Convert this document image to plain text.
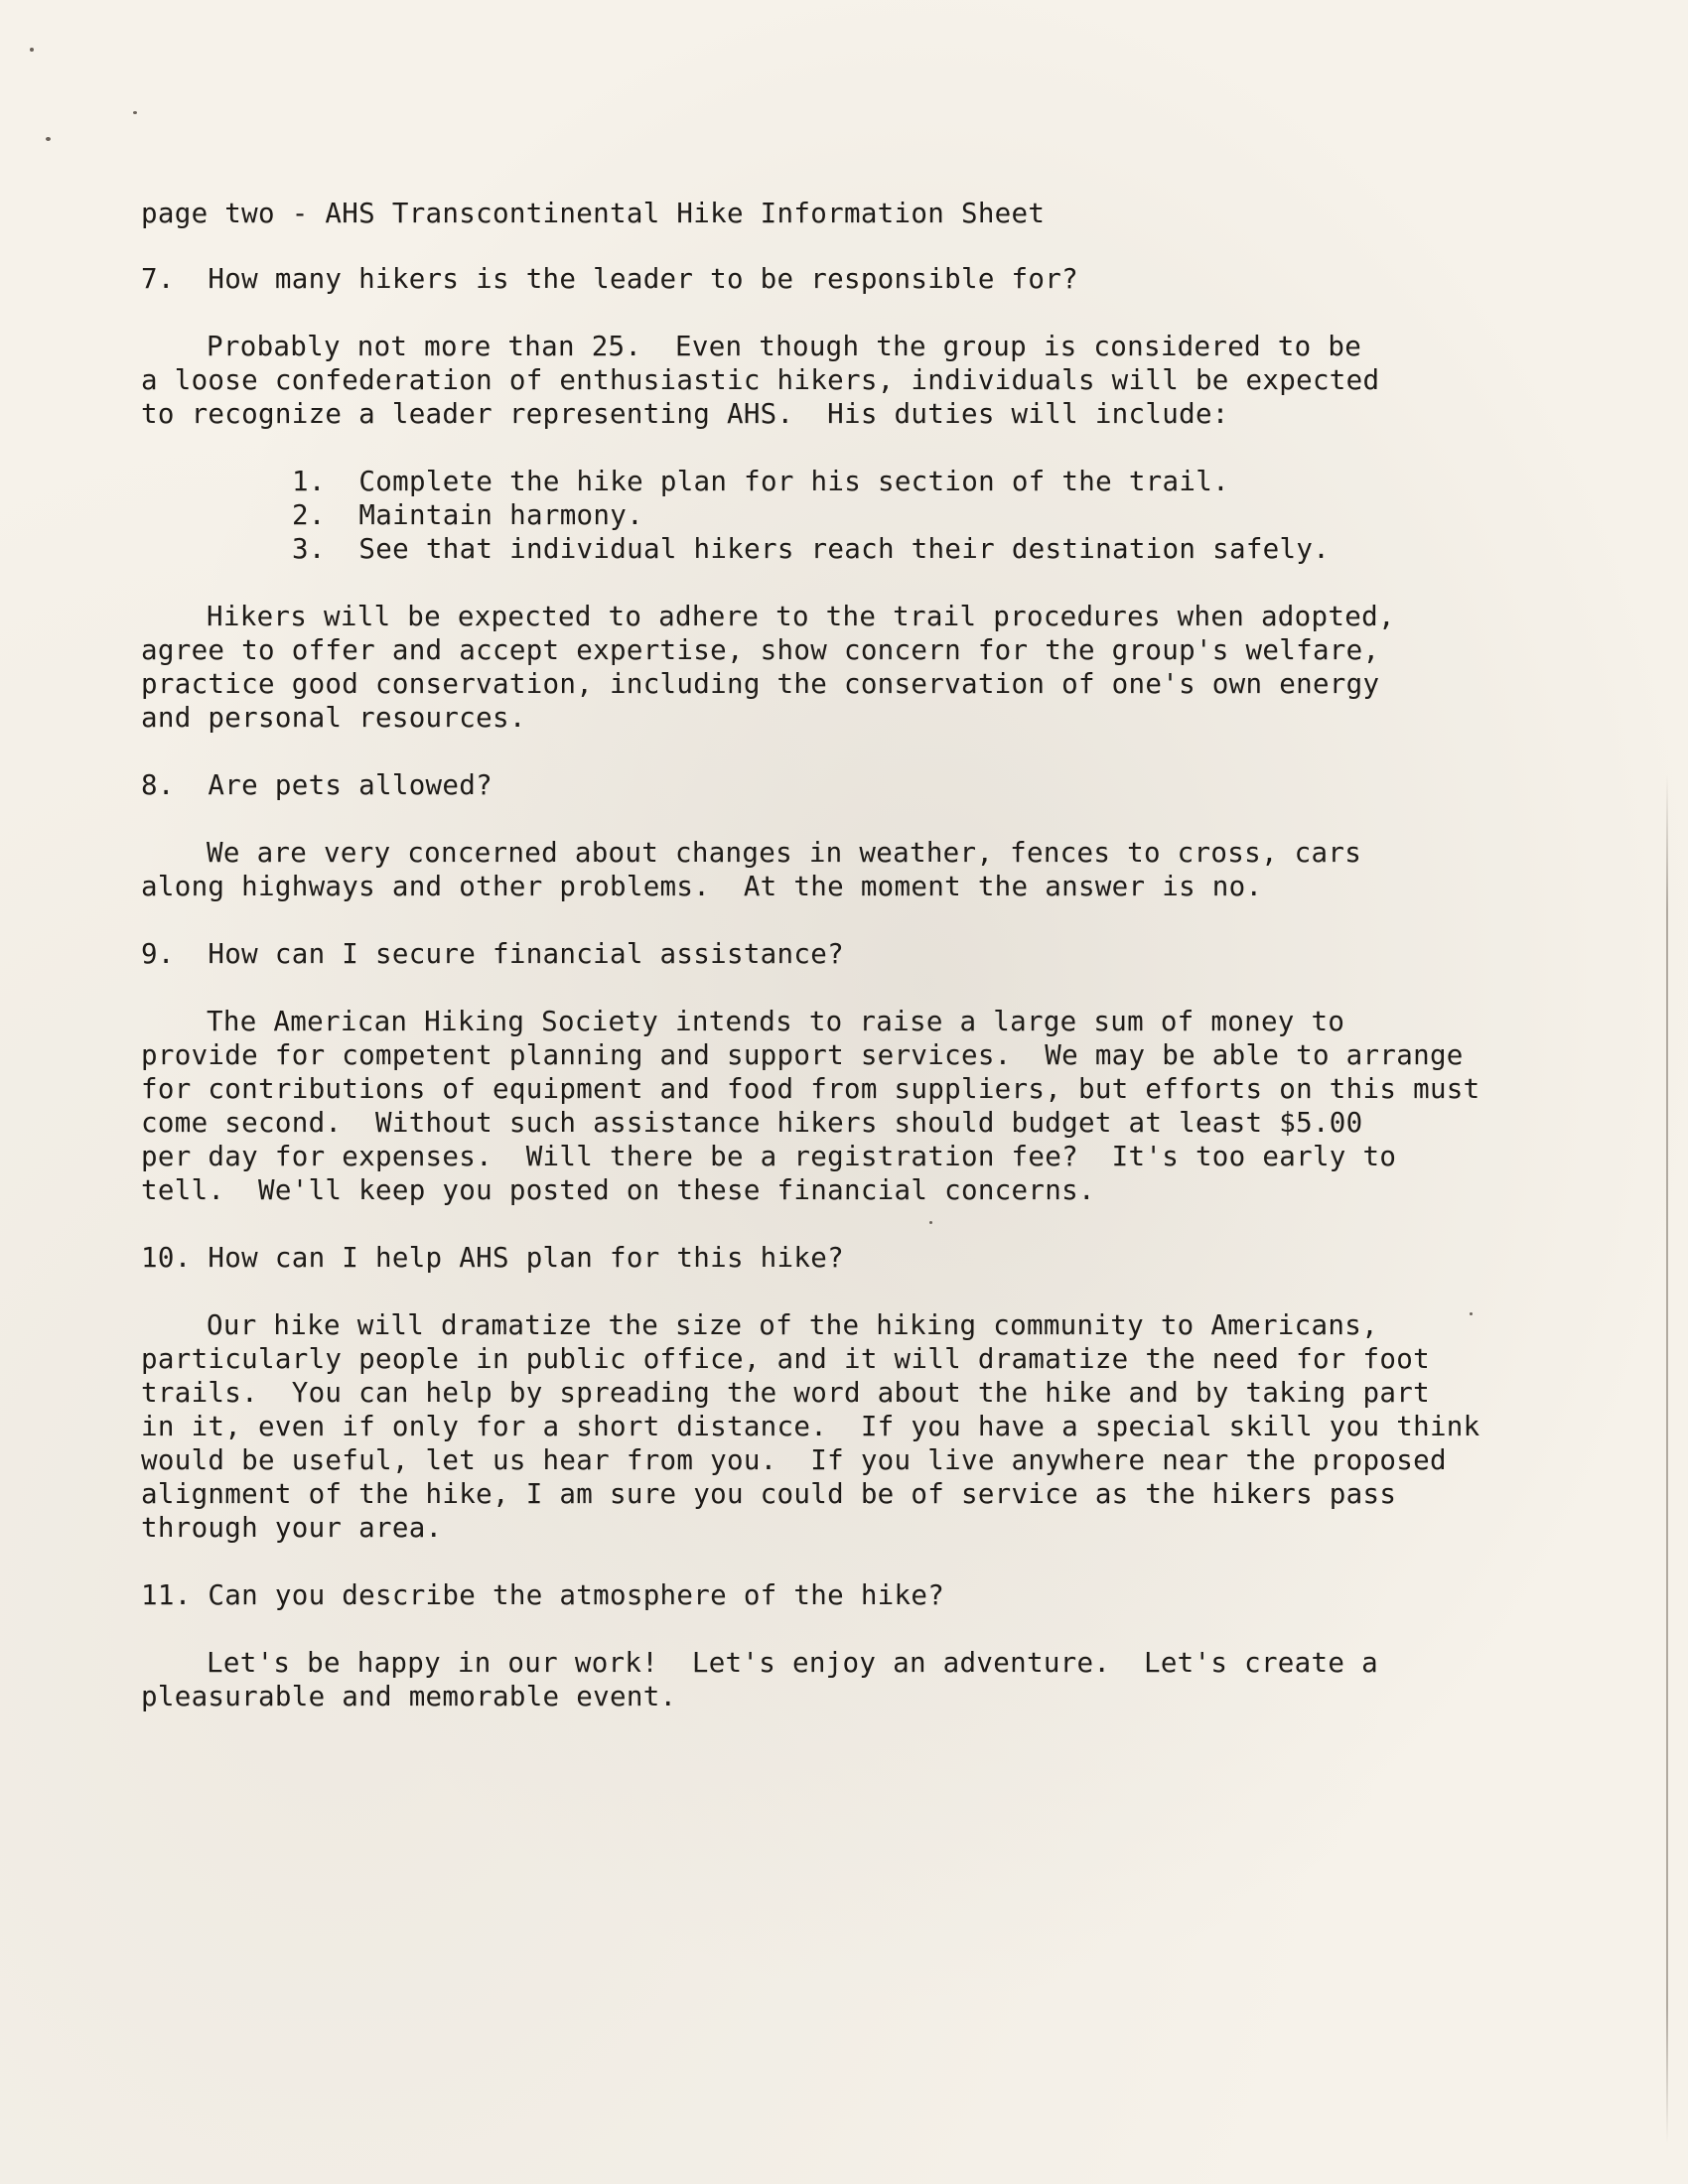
page two - AHS Transcontinental Hike Information Sheet
7.  How many hikers is the leader to be responsible for?
Probably not more than 25.  Even though the group is considered to be
a loose confederation of enthusiastic hikers, individuals will be expected
to recognize a leader representing AHS.  His duties will include:
1.  Complete the hike plan for his section of the trail.
2.  Maintain harmony.
3.  See that individual hikers reach their destination safely.
Hikers will be expected to adhere to the trail procedures when adopted,
agree to offer and accept expertise, show concern for the group's welfare,
practice good conservation, including the conservation of one's own energy
and personal resources.
8.  Are pets allowed?
We are very concerned about changes in weather, fences to cross, cars
along highways and other problems.  At the moment the answer is no.
9.  How can I secure financial assistance?
The American Hiking Society intends to raise a large sum of money to
provide for competent planning and support services.  We may be able to arrange
for contributions of equipment and food from suppliers, but efforts on this must
come second.  Without such assistance hikers should budget at least $5.00
per day for expenses.  Will there be a registration fee?  It's too early to
tell.  We'll keep you posted on these financial concerns.
10. How can I help AHS plan for this hike?
Our hike will dramatize the size of the hiking community to Americans,
particularly people in public office, and it will dramatize the need for foot
trails.  You can help by spreading the word about the hike and by taking part
in it, even if only for a short distance.  If you have a special skill you think
would be useful, let us hear from you.  If you live anywhere near the proposed
alignment of the hike, I am sure you could be of service as the hikers pass
through your area.
11. Can you describe the atmosphere of the hike?
Let's be happy in our work!  Let's enjoy an adventure.  Let's create a
pleasurable and memorable event.
